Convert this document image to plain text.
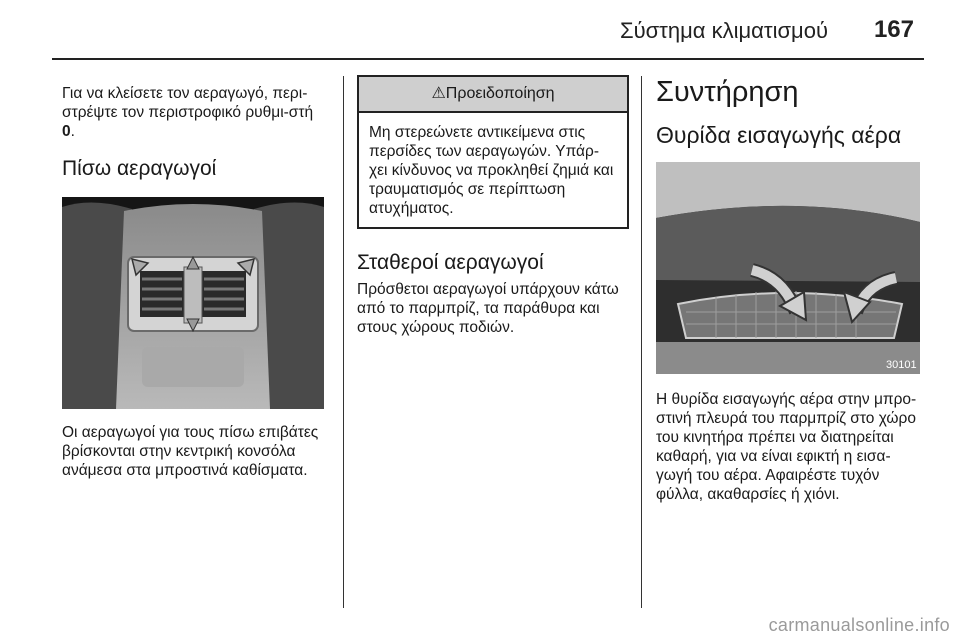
Σύστημα κλιματισμού 167

Για να κλείσετε τον αεραγωγό, περι-στρέψτε τον περιστροφικό ρυθμι-στή 0.

Πίσω αεραγωγοί

Οι αεραγωγοί για τους πίσω επιβάτες βρίσκονται στην κεντρική κονσόλα ανάμεσα στα μπροστινά καθίσματα.

⚠Προειδοποίηση
Μη στερεώνετε αντικείμενα στις περσίδες των αεραγωγών. Υπάρ-χει κίνδυνος να προκληθεί ζημιά και τραυματισμός σε περίπτωση ατυχήματος.
Σταθεροί αεραγωγοί

Πρόσθετοι αεραγωγοί υπάρχουν κάτω από το παρμπρίζ, τα παράθυρα και στους χώρους ποδιών.

Συντήρηση
Θυρίδα εισαγωγής αέρα
30101

Η θυρίδα εισαγωγής αέρα στην μπρο-στινή πλευρά του παρμπρίζ στο χώρο του κινητήρα πρέπει να διατηρείται καθαρή, για να είναι εφικτή η εισα-γωγή του αέρα. Αφαιρέστε τυχόν φύλλα, ακαθαρσίες ή χιόνι.

carmanualsonline.info
